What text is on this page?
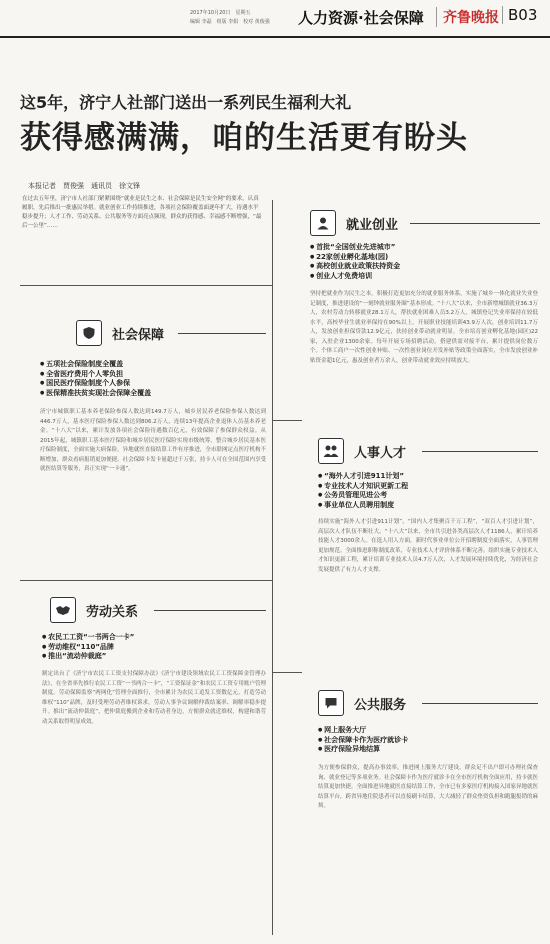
2017年10月20日　星期五
编辑 李磊　组版 李娟　校对 黄俊强 人力资源·社会保障	齐鲁晚报 B03
这5年，济宁人社部门送出一系列民生福利大礼
获得感满满，咱的生活更有盼头
本报记者　贾俊强　通讯员　徐文锋

在过去五年里，济宁市人社部门紧紧围绕“就业是民生之本、社会保障是民生安全网”的要求，认真履职，先后推出一批惠民举措。就业创业工作持续推进，各项社会保险覆盖面逐年扩大，待遇水平稳步提升；人才工作、劳动关系、公共服务等方面亮点频现，群众的获得感、幸福感不断增强，“最后一公里”……	就业创业
● 首批“全国创业先进城市”
● 22家创业孵化基地(园)
● 高校创业就业政策扶持资金
● 创业人才免费培训

坚持把就业作为民生之本，积极打造更加充分的就业服务体系，实施了城乡一体化就业失业登记制度，推进建设的“一刻钟就业服务圈”基本形成。“十八大”以来，全市新增城镇就业36.3万人，农村劳动力转移就业28.1万人，帮扶就业困难人员3.2万人，城镇登记失业率保持在较低水平，高校毕业生就业率保持在90%以上。开展职业技能培训43.9万人次，创业培训11.7万人，发放创业担保贷款12.9亿元，扶持创业带动就业明显。全市培育创业孵化基地(园区)22家，入驻企业1300余家。每年开展专场招聘活动，搭建供需对接平台，累计提供岗位数万个。个体工商户一次性创业补贴、一次性创业岗位开发补贴等政策全面落实，全市发放创业补贴资金超1亿元，惠及创业者万余人，创业带动就业效应持续放大。

社会保障
● 五项社会保险制度全覆盖
● 全省医疗费用个人零负担
● 国民医疗保险制度个人参保
● 医保精准扶贫实现社会保障全覆盖

济宁市城镇职工基本养老保险参保人数达到149.7万人，城乡居民养老保险参保人数达到446.7万人，基本医疗保险参保人数达到806.2万人，连续13年提高企业退休人员基本养老金。“十八大”以来，累计发放各项社会保险待遇数百亿元，有效保障了参保群众权益。从2015年起，城镇职工基本医疗保险和城乡居民医疗保险实现市级统筹，整合城乡居民基本医疗保险制度，全面实施大病保险。异地就医直接结算工作有序推进，全市联网定点医疗机构不断增加，群众看病报销更加便捷。社会保障卡发卡量超过千万张，持卡人可在全国范围内享受就医结算等服务，真正实现“一卡通”。

人事人才
● “海外人才引进911计划”
● 专业技术人才知识更新工程
● 公务员管理见进公考
● 事业单位人员聘用制度

持续实施“海外人才引进911计划”，“国内人才集聚百千万工程”，“双百人才引进计划”，高层次人才队伍不断壮大。“十八大”以来，全市共引进各类高层次人才1186人，累计培养技能人才3000余人。在选人用人方面，新时代事业单位公开招聘制度全面落实，人事管理更加规范。全面推进职称制度改革，专业技术人才评价体系不断完善。组织实施专业技术人才知识更新工程，累计培训专业技术人员4.7万人次，人才发展环境持续优化，为经济社会发展提供了有力人才支撑。

劳动关系
● 农民工工资“一书两合一卡”
● 劳动维权“110”品牌
● 推出“流动仲裁庭”

制定出台了《济宁市农民工工资支付保障办法》《济宁市建设领域农民工工资保障金管理办法》，在全省率先推行农民工工资“一书两合一卡”，“工资保证金”和农民工工资专用账户管理制度。劳动保障监察“两网化”管理全面推行，全市累计为农民工追发工资数亿元。打造劳动维权“110”品牌，及时受理劳动者维权诉求，劳动人事争议调解仲裁结案率、调解率稳步提升。推出“流动仲裁庭”，把仲裁庭搬到企业和劳动者身边，方便群众就近维权，构建和谐劳动关系取得明显成效。

公共服务
● 网上服务大厅
● 社会保障卡作为医疗就诊卡
● 医疗保险异地结算

为方便参保群众，提高办事效率，推进网上服务大厅建设，群众足不出户即可办理社保查询、就业登记等多项业务。社会保障卡作为医疗就诊卡在全市医疗机构全面应用，持卡就医结算更加快捷。全面推进异地就医直接结算工作，全市已有多家医疗机构接入国家异地就医结算平台，跨省异地住院患者可以直接刷卡结算，大大减轻了群众垫资负担和跑腿报销的麻烦。
